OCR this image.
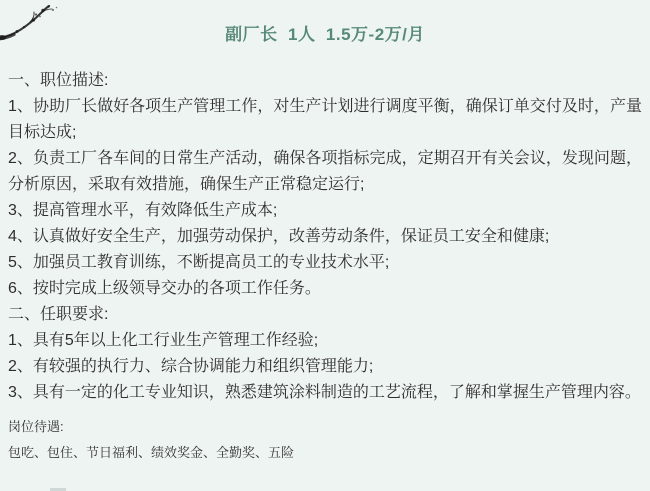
副厂长  1人  1.5万-2万/月

一、职位描述:

1、协助厂长做好各项生产管理工作，对生产计划进行调度平衡，确保订单交付及时，产量目标达成;

2、负责工厂各车间的日常生产活动，确保各项指标完成，定期召开有关会议，发现问题，分析原因，采取有效措施，确保生产正常稳定运行;

3、提高管理水平，有效降低生产成本;

4、认真做好安全生产，加强劳动保护，改善劳动条件，保证员工安全和健康;

5、加强员工教育训练，不断提高员工的专业技术水平;

6、按时完成上级领导交办的各项工作任务。

二、任职要求:

1、具有5年以上化工行业生产管理工作经验;

2、有较强的执行力、综合协调能力和组织管理能力;

3、具有一定的化工专业知识，熟悉建筑涂料制造的工艺流程，了解和掌握生产管理内容。

岗位待遇:

包吃、包住、节日福利、绩效奖金、全勤奖、五险
